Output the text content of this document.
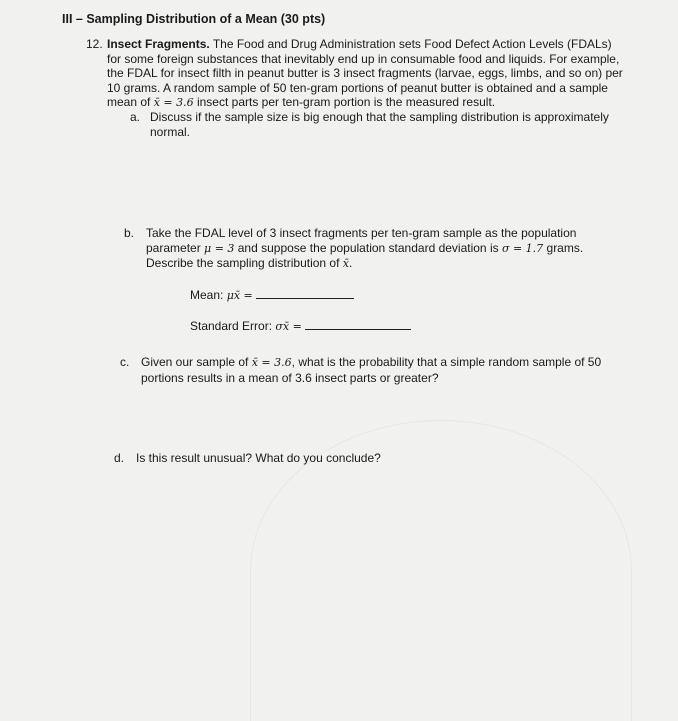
III – Sampling Distribution of a Mean (30 pts)
12. Insect Fragments. The Food and Drug Administration sets Food Defect Action Levels (FDALs)

for some foreign substances that inevitably end up in consumable food and liquids. For example,

the FDAL for insect filth in peanut butter is 3 insect fragments (larvae, eggs, limbs, and so on) per

10 grams. A random sample of 50 ten-gram portions of peanut butter is obtained and a sample

mean of x̄ = 3.6 insect parts per ten-gram portion is the measured result.

a. Discuss if the sample size is big enough that the sampling distribution is approximately

normal.

b. Take the FDAL level of 3 insect fragments per ten-gram sample as the population

parameter μ = 3 and suppose the population standard deviation is σ = 1.7 grams.

Describe the sampling distribution of x̄.

Mean: μx̄ =
Standard Error: σx̄ =
c. Given our sample of x̄ = 3.6, what is the probability that a simple random sample of 50

portions results in a mean of 3.6 insect parts or greater?

d. Is this result unusual? What do you conclude?
